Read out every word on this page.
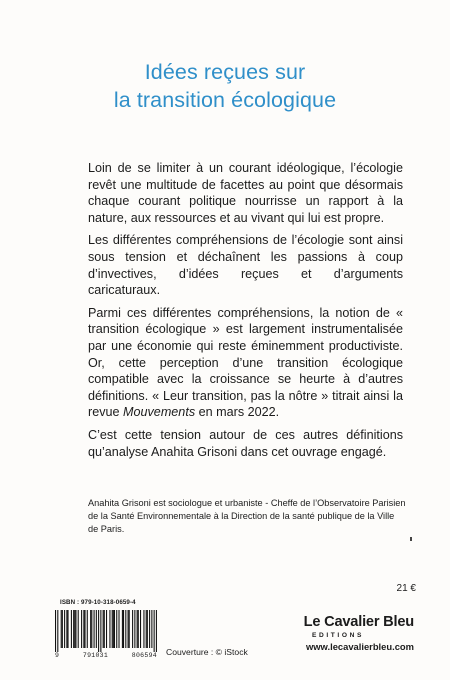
Idées reçues sur
la transition écologique

Loin de se limiter à un courant idéologique, l’écologie revêt une multitude de facettes au point que désormais chaque courant politique nourrisse un rapport à la nature, aux ressources et au vivant qui lui est propre.

Les différentes compréhensions de l’écologie sont ainsi sous tension et déchaînent les passions à coup d’invectives, d’idées reçues et d’arguments caricaturaux.

Parmi ces différentes compréhensions, la notion de « transition écologique » est largement instrumentalisée par une économie qui reste éminemment productiviste. Or, cette perception d’une transition écologique compatible avec la croissance se heurte à d’autres définitions. « Leur transition, pas la nôtre » titrait ainsi la revue Mouvements en mars 2022.

C’est cette tension autour de ces autres définitions qu’analyse Anahita Grisoni dans cet ouvrage engagé.

Anahita Grisoni est sociologue et urbaniste - Cheffe de l’Observatoire Parisien de la Santé Environnementale à la Direction de la santé publique de la Ville de Paris.
21 €
ISBN : 979-10-318-0659-4
9	791031	806594 Couverture : © iStock
Le Cavalier Bleu
EDITIONS
www.lecavalierbleu.com
